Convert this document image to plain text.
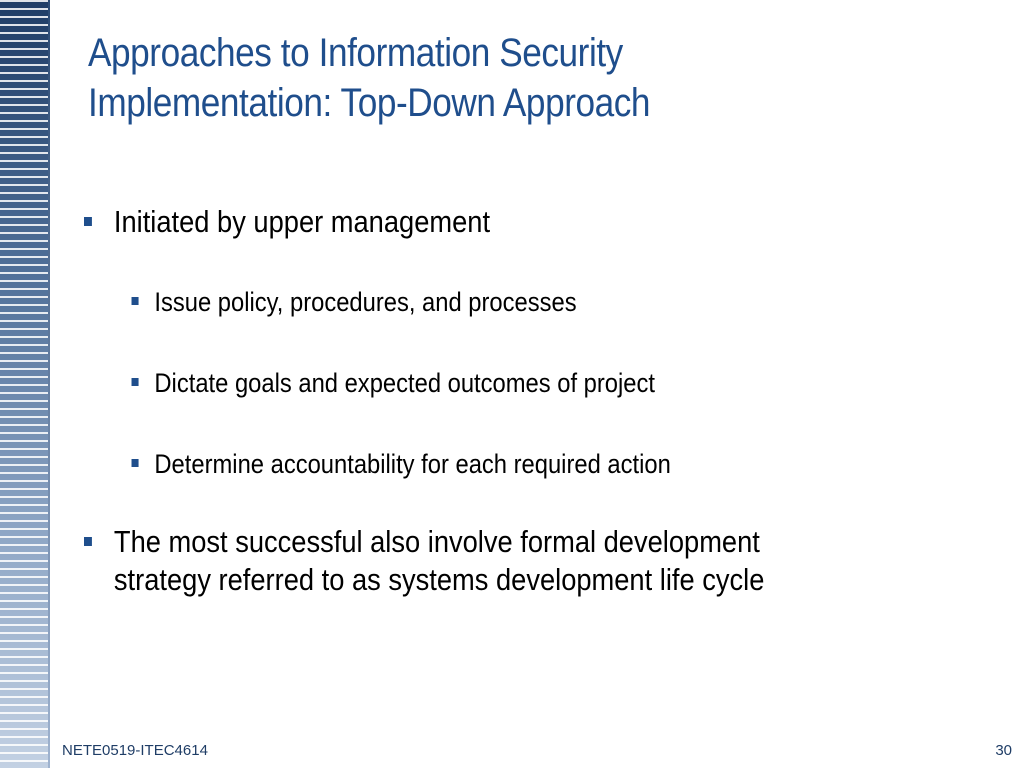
Approaches to Information Security
Implementation: Top-Down Approach
Initiated by upper management
Issue policy, procedures, and processes
Dictate goals and expected outcomes of project
Determine accountability for each required action
The most successful also involve formal development
strategy referred to as systems development life cycle
NETE0519-ITEC4614	30
